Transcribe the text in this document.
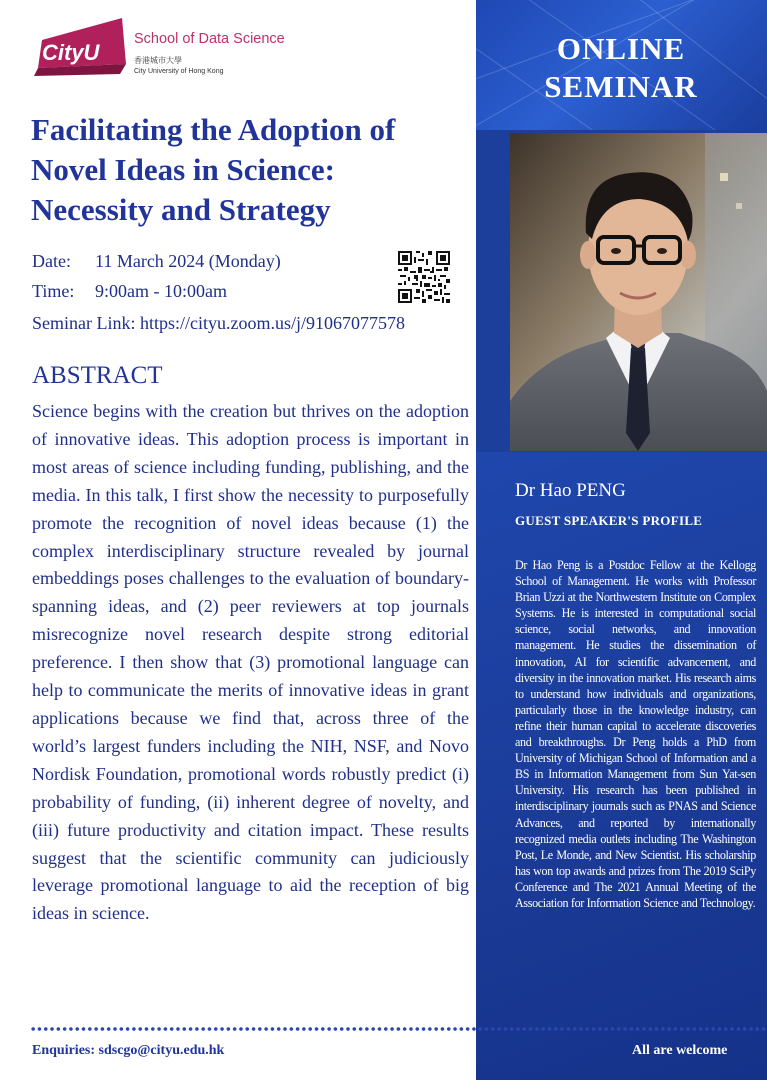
ONLINE
SEMINAR
Dr Hao PENG
GUEST SPEAKER'S PROFILE
Dr Hao Peng is a Postdoc Fellow at the Kellogg School of Management. He works with Professor Brian Uzzi at the Northwestern Institute on Complex Systems. He is interested in computational social science, social networks, and innovation management. He studies the dissemination of innovation, AI for scientific advancement, and diversity in the innovation market. His research aims to understand how individuals and organizations, particularly those in the knowledge industry, can refine their human capital to accelerate discoveries and breakthroughs. Dr Peng holds a PhD from University of Michigan School of Information and a BS in Information Management from Sun Yat-sen University. His research has been published in interdisciplinary journals such as PNAS and Science Advances, and reported by internationally recognized media outlets including The Washington Post, Le Monde, and New Scientist. His scholarship has won top awards and prizes from The 2019 SciPy Conference and The 2021 Annual Meeting of the Association for Information Science and Technology.
All are welcome
CityU
School of Data Science
香港城市大學
City University of Hong Kong
Facilitating the Adoption of Novel Ideas in Science: Necessity and Strategy
Date: 11 March 2024 (Monday)
Time: 9:00am - 10:00am
Seminar Link: https://cityu.zoom.us/j/91067077578
ABSTRACT
Science begins with the creation but thrives on the adoption of innovative ideas. This adoption process is important in most areas of science including funding, publishing, and the media. In this talk, I first show the necessity to purposefully promote the recognition of novel ideas because (1) the complex interdisciplinary structure revealed by journal embeddings poses challenges to the evaluation of boundary-spanning ideas, and (2) peer reviewers at top journals misrecognize novel research despite strong editorial preference. I then show that (3) promotional language can help to communicate the merits of innovative ideas in grant applications because we find that, across three of the world’s largest funders including the NIH, NSF, and Novo Nordisk Foundation, promotional words robustly predict (i) probability of funding, (ii) inherent degree of novelty, and (iii) future productivity and citation impact. These results suggest that the scientific community can judiciously leverage promotional language to aid the reception of big ideas in science.
Enquiries: sdscgo@cityu.edu.hk
